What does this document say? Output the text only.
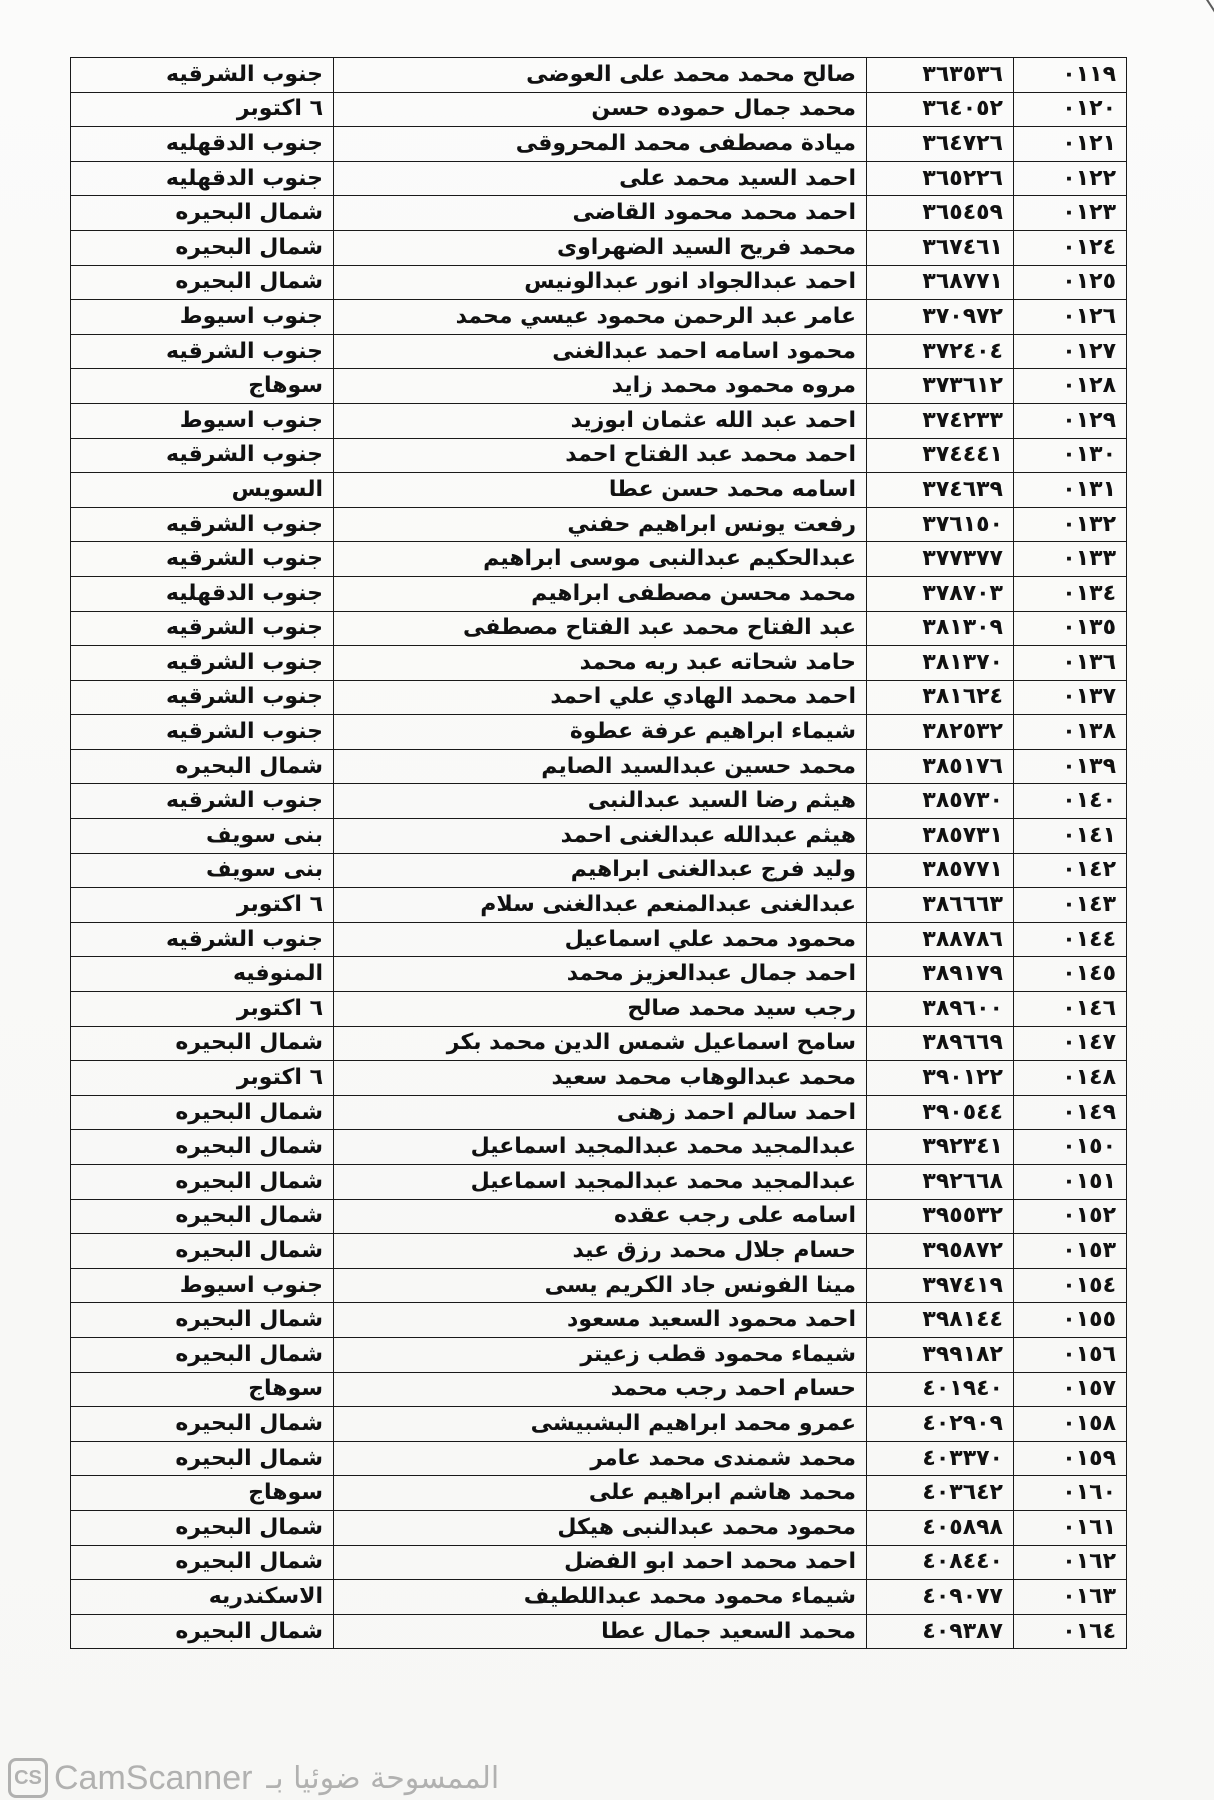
٠١١٩	٣٦٣٥٣٦	صالح محمد محمد على العوضى	جنوب الشرقيه
٠١٢٠	٣٦٤٠٥٢	محمد جمال حموده حسن	٦ اكتوبر
٠١٢١	٣٦٤٧٢٦	ميادة مصطفى محمد المحروقى	جنوب الدقهليه
٠١٢٢	٣٦٥٢٢٦	احمد السيد محمد على	جنوب الدقهليه
٠١٢٣	٣٦٥٤٥٩	احمد محمد محمود القاضى	شمال البحيره
٠١٢٤	٣٦٧٤٦١	محمد فريح السيد الضهراوى	شمال البحيره
٠١٢٥	٣٦٨٧٧١	احمد عبدالجواد انور عبدالونيس	شمال البحيره
٠١٢٦	٣٧٠٩٧٢	عامر عبد الرحمن محمود عيسي محمد	جنوب اسيوط
٠١٢٧	٣٧٢٤٠٤	محمود اسامه احمد عبدالغنى	جنوب الشرقيه
٠١٢٨	٣٧٣٦١٢	مروه محمود محمد زايد	سوهاج
٠١٢٩	٣٧٤٢٣٣	احمد عبد الله عثمان ابوزيد	جنوب اسيوط
٠١٣٠	٣٧٤٤٤١	احمد محمد عبد الفتاح احمد	جنوب الشرقيه
٠١٣١	٣٧٤٦٣٩	اسامه محمد حسن عطا	السويس
٠١٣٢	٣٧٦١٥٠	رفعت يونس ابراهيم حفني	جنوب الشرقيه
٠١٣٣	٣٧٧٣٧٧	عبدالحكيم عبدالنبى موسى ابراهيم	جنوب الشرقيه
٠١٣٤	٣٧٨٧٠٣	محمد محسن مصطفى ابراهيم	جنوب الدقهليه
٠١٣٥	٣٨١٣٠٩	عبد الفتاح محمد عبد الفتاح مصطفى	جنوب الشرقيه
٠١٣٦	٣٨١٣٧٠	حامد شحاته عبد ربه محمد	جنوب الشرقيه
٠١٣٧	٣٨١٦٢٤	احمد محمد الهادي علي احمد	جنوب الشرقيه
٠١٣٨	٣٨٢٥٣٢	شيماء ابراهيم عرفة عطوة	جنوب الشرقيه
٠١٣٩	٣٨٥١٧٦	محمد حسين عبدالسيد الصايم	شمال البحيره
٠١٤٠	٣٨٥٧٣٠	هيثم رضا السيد عبدالنبى	جنوب الشرقيه
٠١٤١	٣٨٥٧٣١	هيثم عبدالله عبدالغنى احمد	بنى سويف
٠١٤٢	٣٨٥٧٧١	وليد فرج عبدالغنى ابراهيم	بنى سويف
٠١٤٣	٣٨٦٦٦٣	عبدالغنى عبدالمنعم عبدالغنى سلام	٦ اكتوبر
٠١٤٤	٣٨٨٧٨٦	محمود محمد علي اسماعيل	جنوب الشرقيه
٠١٤٥	٣٨٩١٧٩	احمد جمال عبدالعزيز محمد	المنوفيه
٠١٤٦	٣٨٩٦٠٠	رجب سيد محمد صالح	٦ اكتوبر
٠١٤٧	٣٨٩٦٦٩	سامح اسماعيل شمس الدين محمد بكر	شمال البحيره
٠١٤٨	٣٩٠١٢٢	محمد عبدالوهاب محمد سعيد	٦ اكتوبر
٠١٤٩	٣٩٠٥٤٤	احمد سالم احمد زهنى	شمال البحيره
٠١٥٠	٣٩٢٣٤١	عبدالمجيد محمد عبدالمجيد اسماعيل	شمال البحيره
٠١٥١	٣٩٢٦٦٨	عبدالمجيد محمد عبدالمجيد اسماعيل	شمال البحيره
٠١٥٢	٣٩٥٥٣٢	اسامه على رجب عقده	شمال البحيره
٠١٥٣	٣٩٥٨٧٢	حسام جلال محمد رزق عيد	شمال البحيره
٠١٥٤	٣٩٧٤١٩	مينا الفونس جاد الكريم يسى	جنوب اسيوط
٠١٥٥	٣٩٨١٤٤	احمد محمود السعيد مسعود	شمال البحيره
٠١٥٦	٣٩٩١٨٢	شيماء محمود قطب زعيتر	شمال البحيره
٠١٥٧	٤٠١٩٤٠	حسام احمد رجب محمد	سوهاج
٠١٥٨	٤٠٢٩٠٩	عمرو محمد ابراهيم البشبيشى	شمال البحيره
٠١٥٩	٤٠٣٣٧٠	محمد شمندى محمد عامر	شمال البحيره
٠١٦٠	٤٠٣٦٤٢	محمد هاشم ابراهيم على	سوهاج
٠١٦١	٤٠٥٨٩٨	محمود محمد عبدالنبى هيكل	شمال البحيره
٠١٦٢	٤٠٨٤٤٠	احمد محمد احمد ابو الفضل	شمال البحيره
٠١٦٣	٤٠٩٠٧٧	شيماء محمود محمد عبداللطيف	الاسكندريه
٠١٦٤	٤٠٩٣٨٧	محمد السعيد جمال عطا	شمال البحيره
CS CamScanner الممسوحة ضوئيا بـ
